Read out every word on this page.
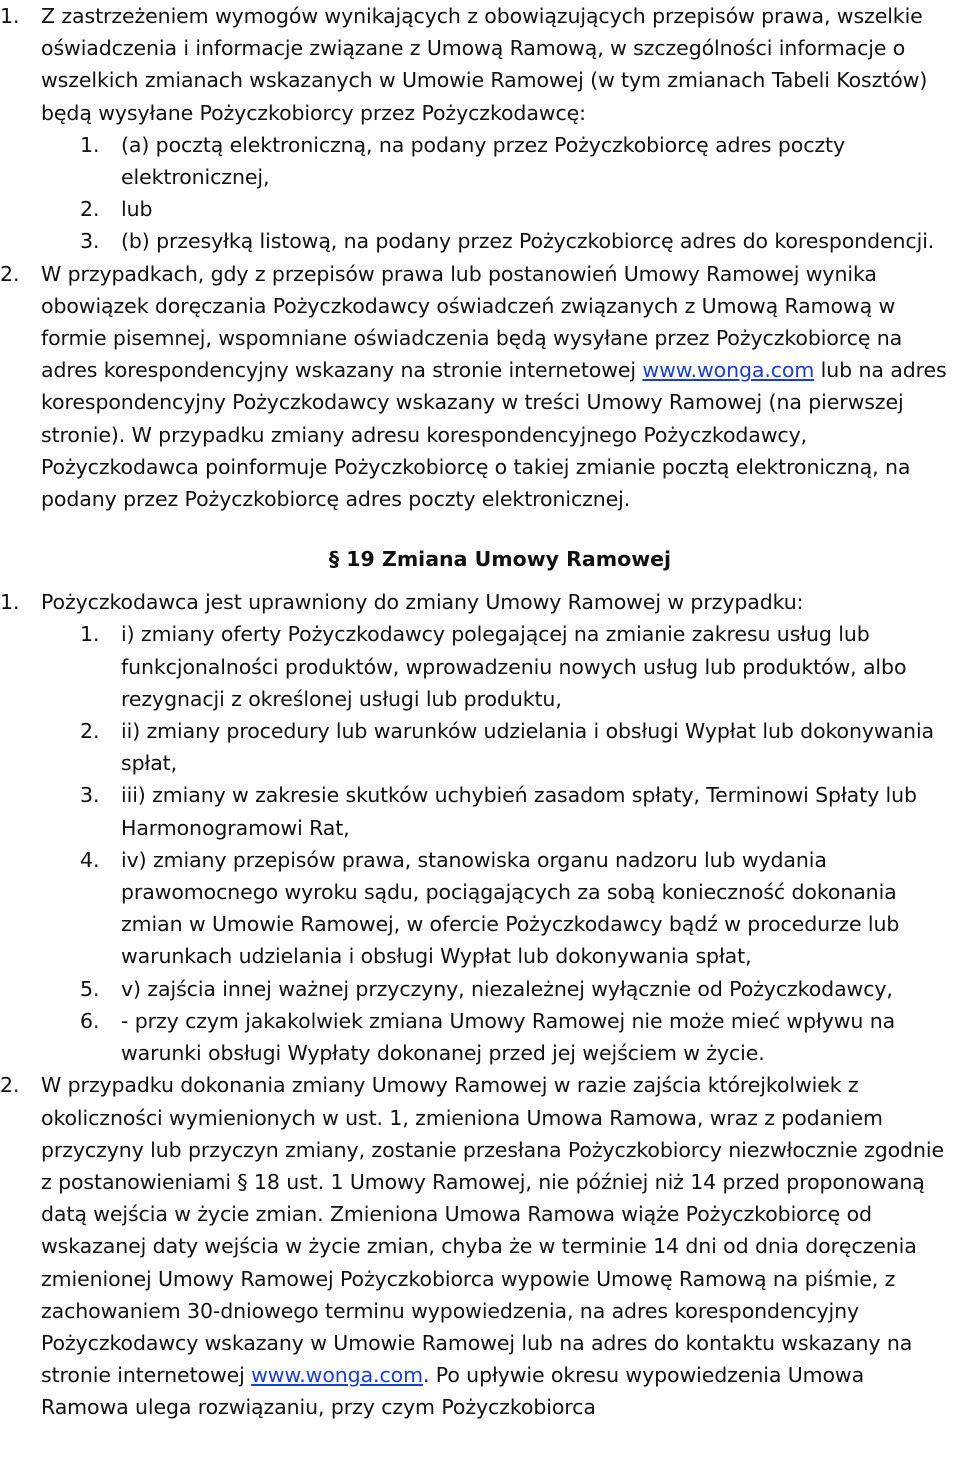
1. Z zastrzeżeniem wymogów wynikających z obowiązujących przepisów prawa, wszelkie oświadczenia i informacje związane z Umową Ramową, w szczególności informacje o wszelkich zmianach wskazanych w Umowie Ramowej (w tym zmianach Tabeli Kosztów) będą wysyłane Pożyczkobiorcy przez Pożyczkodawcę:
1. (a) pocztą elektroniczną, na podany przez Pożyczkobiorcę adres poczty elektronicznej,
2. lub
3. (b) przesyłką listową, na podany przez Pożyczkobiorcę adres do korespondencji.
2. W przypadkach, gdy z przepisów prawa lub postanowień Umowy Ramowej wynika obowiązek doręczania Pożyczkodawcy oświadczeń związanych z Umową Ramową w formie pisemnej, wspomniane oświadczenia będą wysyłane przez Pożyczkobiorcę na adres korespondencyjny wskazany na stronie internetowej www.wonga.com lub na adres korespondencyjny Pożyczkodawcy wskazany w treści Umowy Ramowej (na pierwszej stronie). W przypadku zmiany adresu korespondencyjnego Pożyczkodawcy, Pożyczkodawca poinformuje Pożyczkobiorcę o takiej zmianie pocztą elektroniczną, na podany przez Pożyczkobiorcę adres poczty elektronicznej.
§ 19 Zmiana Umowy Ramowej
1. Pożyczkodawca jest uprawniony do zmiany Umowy Ramowej w przypadku:
1. i) zmiany oferty Pożyczkodawcy polegającej na zmianie zakresu usług lub funkcjonalności produktów, wprowadzeniu nowych usług lub produktów, albo rezygnacji z określonej usługi lub produktu,
2. ii) zmiany procedury lub warunków udzielania i obsługi Wypłat lub dokonywania spłat,
3. iii) zmiany w zakresie skutków uchybień zasadom spłaty, Terminowi Spłaty lub Harmonogramowi Rat,
4. iv) zmiany przepisów prawa, stanowiska organu nadzoru lub wydania prawomocnego wyroku sądu, pociągających za sobą konieczność dokonania zmian w Umowie Ramowej, w ofercie Pożyczkodawcy bądź w procedurze lub warunkach udzielania i obsługi Wypłat lub dokonywania spłat,
5. v) zajścia innej ważnej przyczyny, niezależnej wyłącznie od Pożyczkodawcy,
6. - przy czym jakakolwiek zmiana Umowy Ramowej nie może mieć wpływu na warunki obsługi Wypłaty dokonanej przed jej wejściem w życie.
2. W przypadku dokonania zmiany Umowy Ramowej w razie zajścia którejkolwiek z okoliczności wymienionych w ust. 1, zmieniona Umowa Ramowa, wraz z podaniem przyczyny lub przyczyn zmiany, zostanie przesłana Pożyczkobiorcy niezwłocznie zgodnie z postanowieniami § 18 ust. 1 Umowy Ramowej, nie później niż 14 przed proponowaną datą wejścia w życie zmian. Zmieniona Umowa Ramowa wiąże Pożyczkobiorcę od wskazanej daty wejścia w życie zmian, chyba że w terminie 14 dni od dnia doręczenia zmienionej Umowy Ramowej Pożyczkobiorca wypowie Umowę Ramową na piśmie, z zachowaniem 30-dniowego terminu wypowiedzenia, na adres korespondencyjny Pożyczkodawcy wskazany w Umowie Ramowej lub na adres do kontaktu wskazany na stronie internetowej www.wonga.com. Po upływie okresu wypowiedzenia Umowa Ramowa ulega rozwiązaniu, przy czym Pożyczkobiorca
